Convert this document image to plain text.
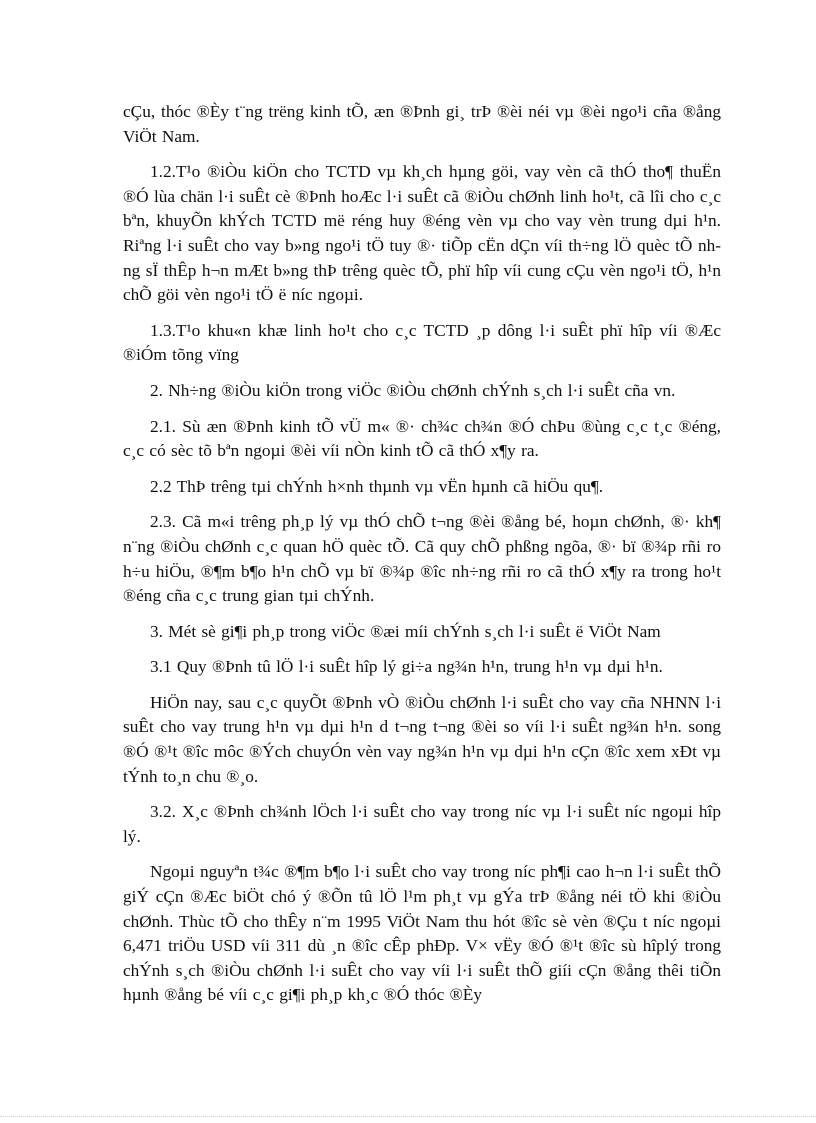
cÇu, thóc ®Èy t¨ng trëng kinh tÕ, æn ®Þnh gi¸ trÞ ®èi néi vµ ®èi ngo¹i cña ®ång ViÖt Nam.

1.2.T¹o ®iÒu kiÖn cho TCTD vµ kh¸ch hµng göi, vay vèn cã thÓ tho¶ thuËn ®Ó lùa chän l·i suÊt cè ®Þnh hoÆc l·i suÊt cã ®iÒu chØnh linh ho¹t, cã lîi cho c¸c bªn, khuyÕn khÝch TCTD më réng huy ®éng vèn vµ cho vay vèn trung dµi h¹n. Riªng l·i suÊt cho vay b»ng ngo¹i tÖ tuy ®· tiÕp cËn dÇn víi th÷ng lÖ quèc tÕ nhng sÏ thÊp h¬n mÆt b»ng thÞ trêng quèc tÕ, phï hîp víi cung cÇu vèn ngo¹i tÖ, h¹n chÕ göi vèn ngo¹i tÖ ë níc ngoµi.

1.3.T¹o khu«n khæ linh ho¹t cho c¸c TCTD ¸p dông l·i suÊt phï hîp víi ®Æc ®iÓm tõng vïng

2. Nh÷ng ®iÒu kiÖn trong viÖc ®iÒu chØnh chÝnh s¸ch l·i suÊt cña vn.

2.1. Sù æn ®Þnh kinh tÕ vÜ m« ®· ch¾c ch¾n ®Ó chÞu ®ùng c¸c t¸c ®éng, c¸c có sèc tõ bªn ngoµi ®èi víi nÒn kinh tÕ cã thÓ x¶y ra.

2.2 ThÞ trêng tµi chÝnh h×nh thµnh vµ vËn hµnh cã hiÖu qu¶.

2.3. Cã m«i trêng ph¸p lý vµ thÓ chÕ t¬ng ®èi ®ång bé, hoµn chØnh, ®· kh¶ n¨ng ®iÒu chØnh c¸c quan hÖ quèc tÕ. Cã quy chÕ phßng ngõa, ®· bï ®¾p rñi ro h÷u hiÖu, ®¶m b¶o h¹n chÕ vµ bï ®¾p ®îc nh÷ng rñi ro cã thÓ x¶y ra trong ho¹t ®éng cña c¸c trung gian tµi chÝnh.

3. Mét sè gi¶i ph¸p trong viÖc ®æi míi chÝnh s¸ch l·i suÊt ë ViÖt Nam

3.1 Quy ®Þnh tû lÖ l·i suÊt hîp lý gi÷a ng¾n h¹n, trung h¹n vµ dµi h¹n.

HiÖn nay, sau c¸c quyÕt ®Þnh vÒ ®iÒu chØnh l·i suÊt cho vay cña NHNN l·i suÊt cho vay trung h¹n vµ dµi h¹n d t¬ng t¬ng ®èi so víi l·i suÊt ng¾n h¹n. song ®Ó ®¹t ®îc môc ®Ých chuyÓn vèn vay ng¾n h¹n vµ dµi h¹n cÇn ®îc xem xÐt vµ tÝnh to¸n chu ®¸o.

3.2. X¸c ®Þnh ch¾nh lÖch l·i suÊt cho vay trong níc vµ l·i suÊt níc ngoµi hîp lý.

Ngoµi nguyªn t¾c ®¶m b¶o l·i suÊt cho vay trong níc ph¶i cao h¬n l·i suÊt thÕ giÝ cÇn ®Æc biÖt chó ý ®Õn tû lÖ l¹m ph¸t vµ gÝa trÞ ®ång néi tÖ khi ®iÒu chØnh. Thùc tÕ cho thÊy n¨m 1995 ViÖt Nam thu hót ®îc sè vèn ®Çu t níc ngoµi 6,471 triÖu USD víi 311 dù ¸n ®îc cÊp phÐp. V× vËy ®Ó ®¹t ®îc sù hîplý trong chÝnh s¸ch ®iÒu chØnh l·i suÊt cho vay víi l·i suÊt thÕ giíi cÇn ®ång thêi tiÕn hµnh ®ång bé víi c¸c gi¶i ph¸p kh¸c ®Ó thóc ®Èy
